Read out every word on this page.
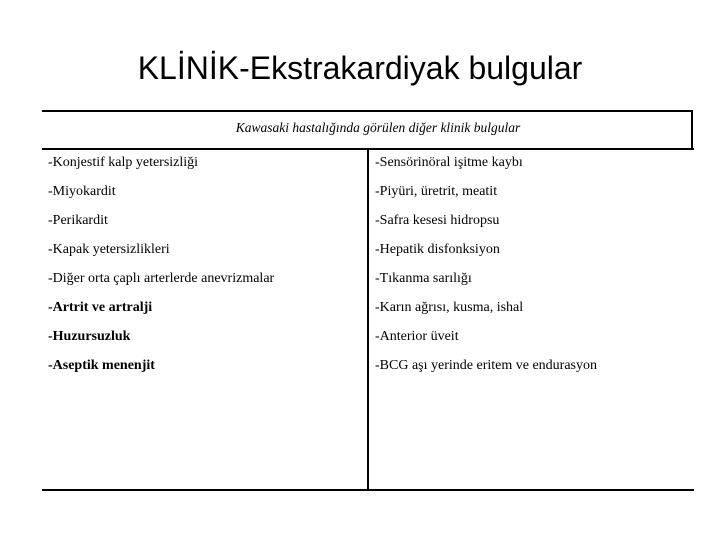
KLİNİK-Ekstrakardiyak bulgular
Kawasaki hastalığında görülen diğer klinik bulgular
-Konjestif kalp yetersizliği	-Sensörinöral işitme kaybı
-Miyokardit	-Piyüri, üretrit, meatit
-Perikardit	-Safra kesesi hidropsu
-Kapak yetersizlikleri	-Hepatik disfonksiyon
-Diğer orta çaplı arterlerde anevrizmalar	-Tıkanma sarılığı
-Artrit ve artralji	-Karın ağrısı, kusma, ishal
-Huzursuzluk	-Anterior üveit
-Aseptik menenjit	-BCG aşı yerinde eritem ve endurasyon
